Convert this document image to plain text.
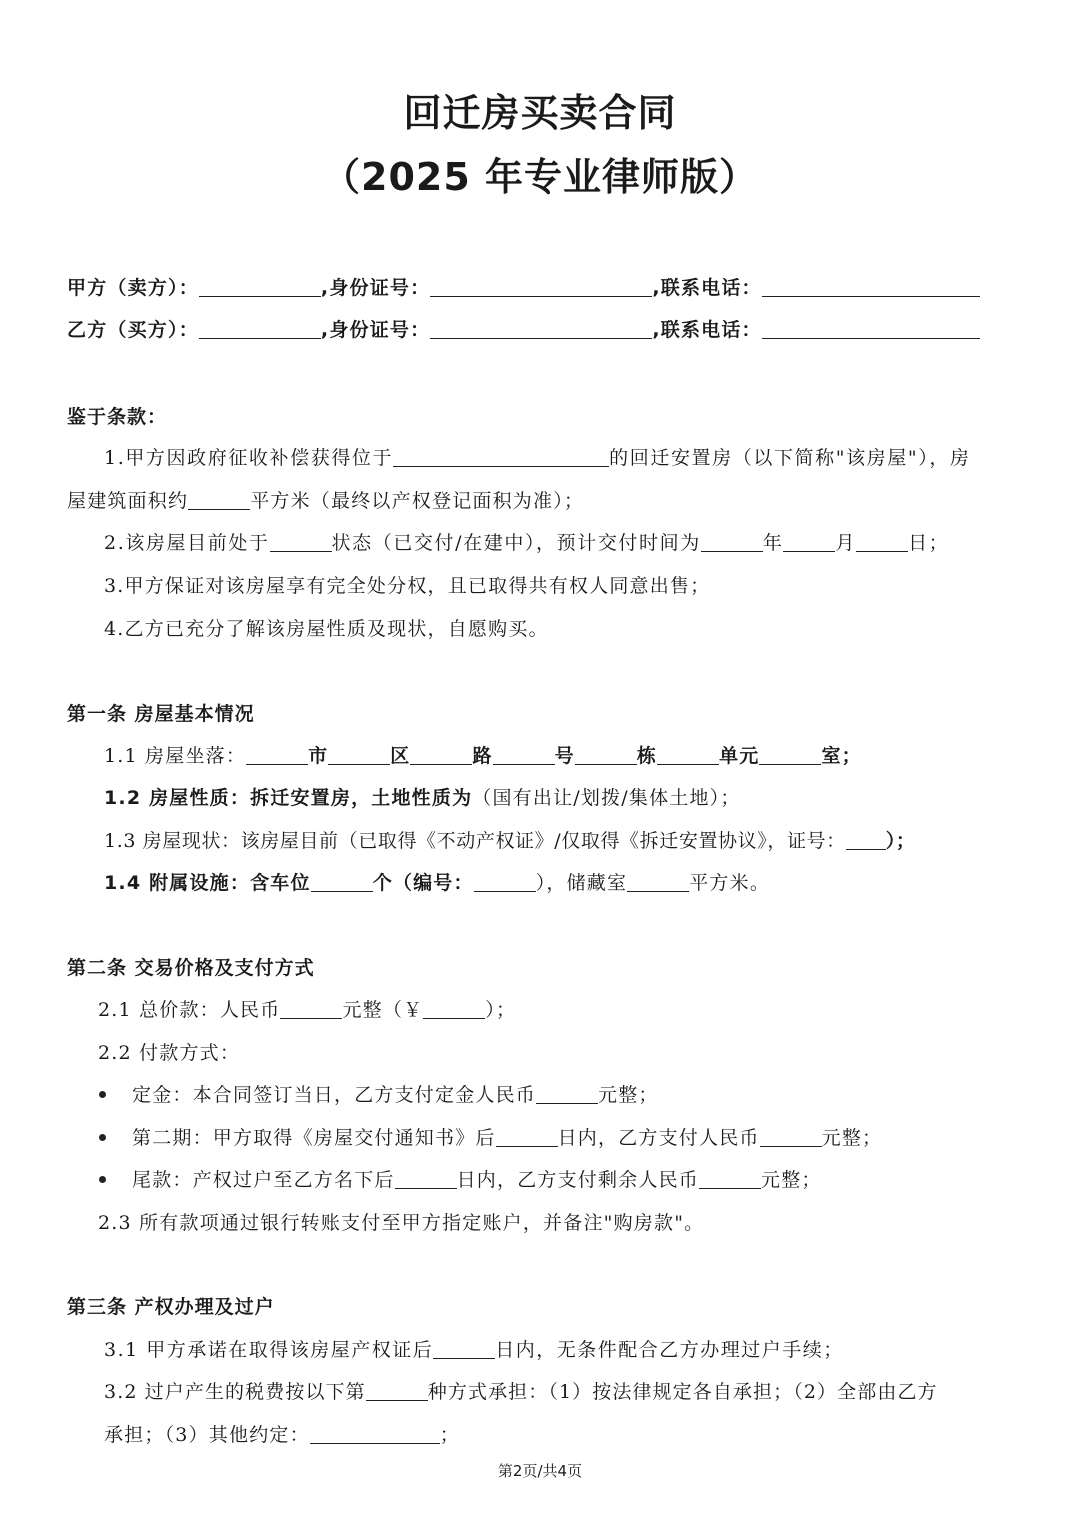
回迁房买卖合同
（2025 年专业律师版）
甲方（卖方）：	,身份证号：	,联系电话：
乙方（买方）：	,身份证号：	,联系电话：
鉴于条款：
1.甲方因政府征收补偿获得位于	的回迁安置房（以下简称"该房屋"），房
屋建筑面积约	平方米（最终以产权登记面积为准）；
2.该房屋目前处于	状态（已交付/在建中），预计交付时间为	年	月	日；
3.甲方保证对该房屋享有完全处分权，且已取得共有权人同意出售；
4.乙方已充分了解该房屋性质及现状，自愿购买。
第一条 房屋基本情况
1.1 房屋坐落：	市	区	路	号	栋	单元	室；
1.2 房屋性质：拆迁安置房，土地性质为（国有出让/划拨/集体土地）；
1.3 房屋现状：该房屋目前（已取得《不动产权证》/仅取得《拆迁安置协议》，证号： ）；
1.4 附属设施：含车位	个（编号：	），储藏室	平方米。
第二条 交易价格及支付方式
2.1 总价款：人民币	元整（￥	）；
2.2 付款方式：
定金：本合同签订当日，乙方支付定金人民币	元整；
第二期：甲方取得《房屋交付通知书》后	日内，乙方支付人民币	元整；
尾款：产权过户至乙方名下后	日内，乙方支付剩余人民币	元整；
2.3 所有款项通过银行转账支付至甲方指定账户，并备注"购房款"。
第三条 产权办理及过户
3.1 甲方承诺在取得该房屋产权证后	日内，无条件配合乙方办理过户手续；
3.2 过户产生的税费按以下第	种方式承担：（1）按法律规定各自承担；（2）全部由乙方
承担；（3）其他约定：	；
第2页/共4页
